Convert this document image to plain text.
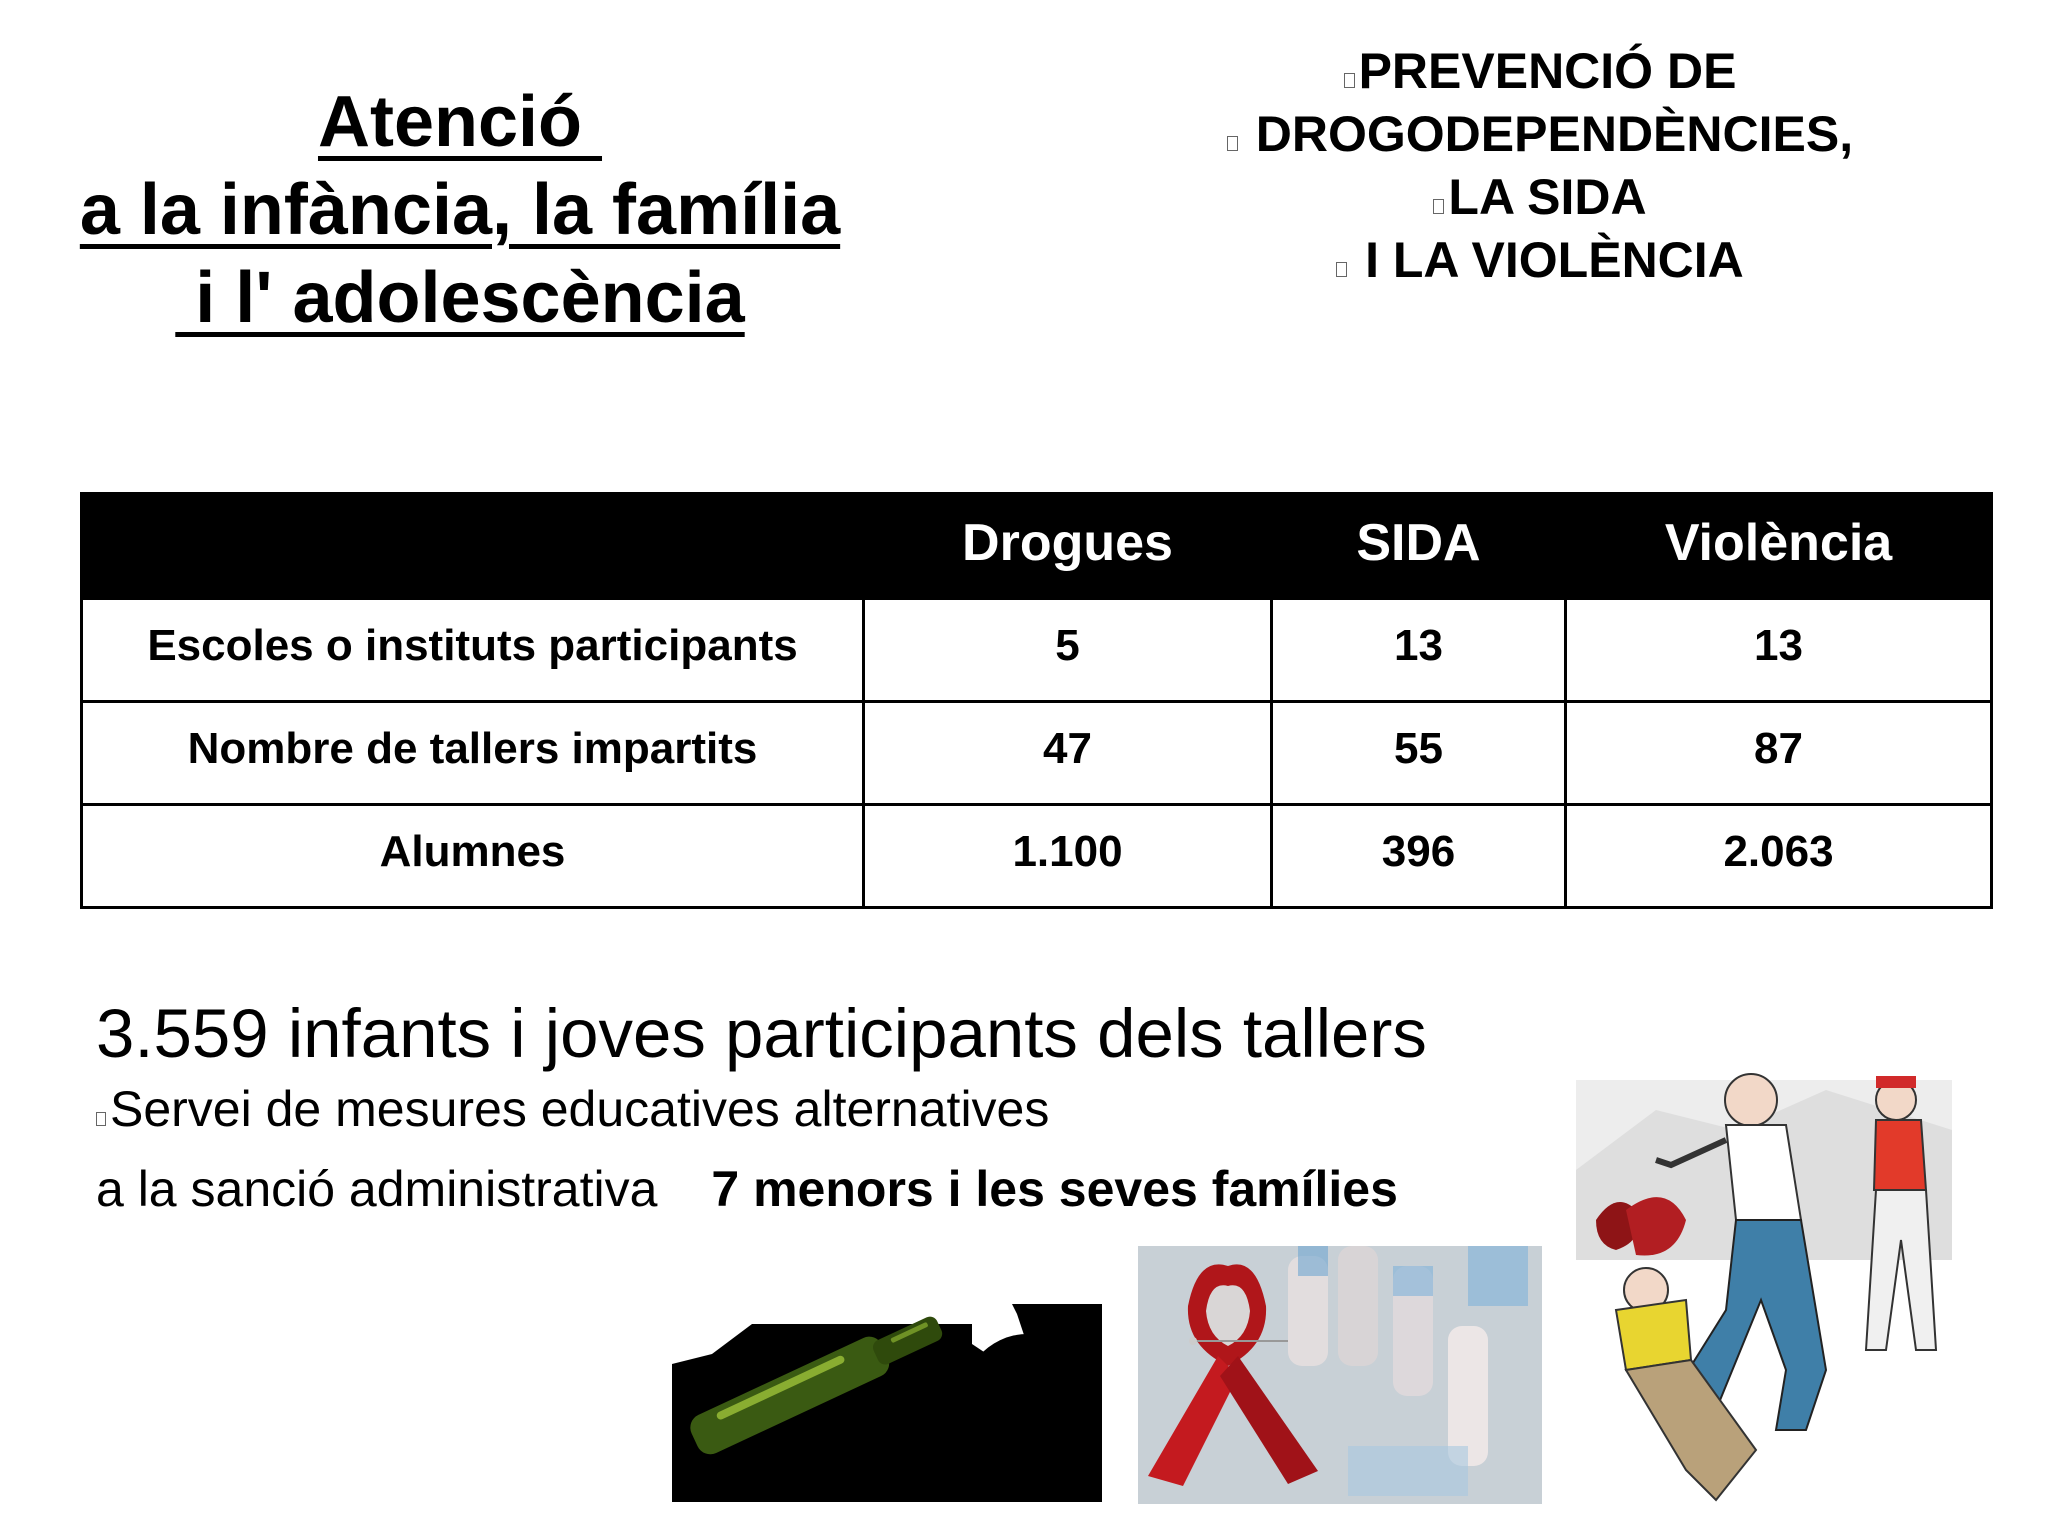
Atenció
a la infància, la família
i l' adolescència
PREVENCIÓ DE
DROGODEPENDÈNCIES,
LA SIDA
I LA VIOLÈNCIA
	Drogues	SIDA	Violència
Escoles o instituts participants	5	13	13
Nombre de tallers impartits	47	55	87
Alumnes	1.100	396	2.063
3.559 infants i joves participants dels tallers
Servei de mesures educatives alternatives
a la sanció administrativa 7 menors i les seves famílies
